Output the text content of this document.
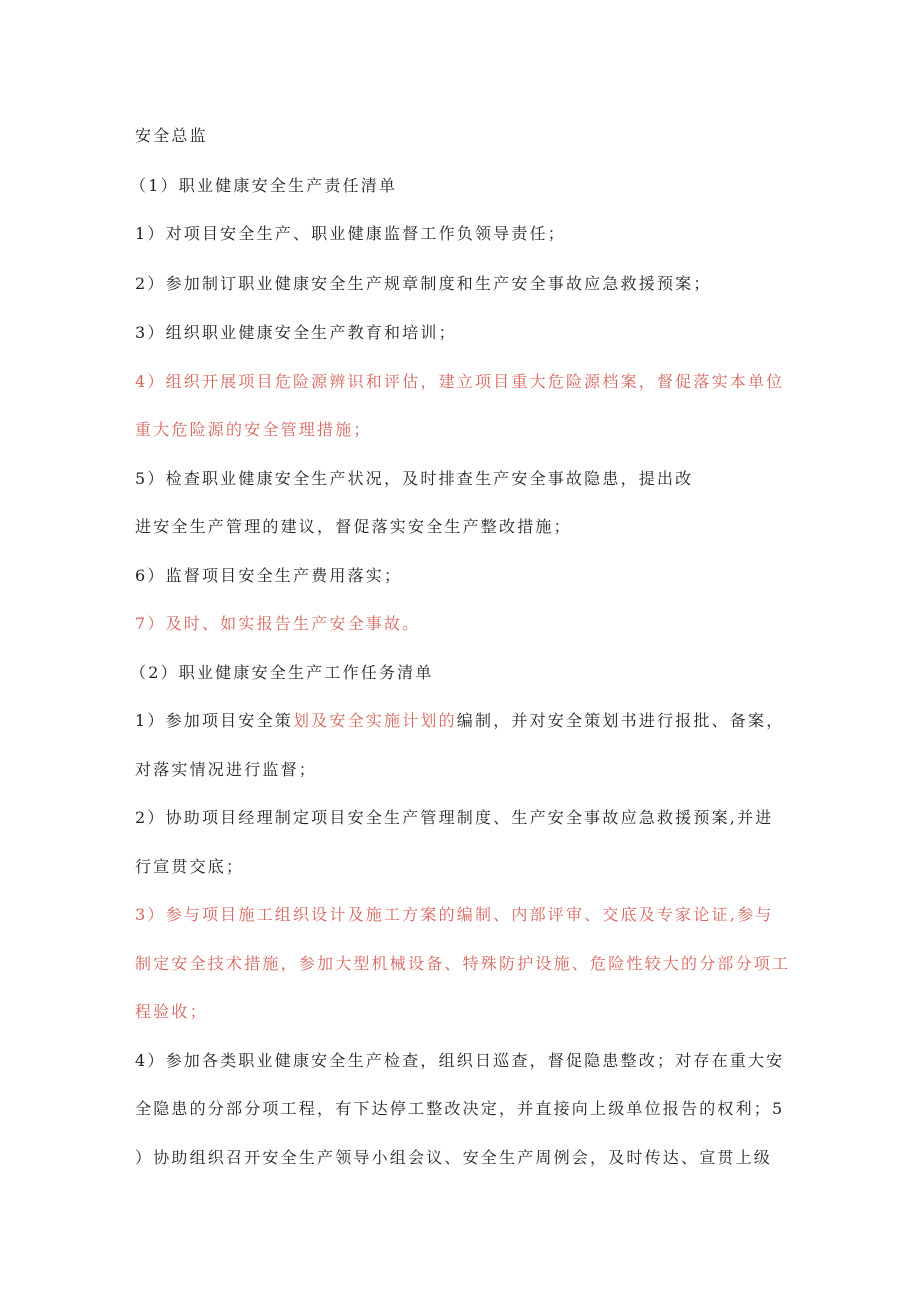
安全总监
（1）职业健康安全生产责任清单
1）对项目安全生产、职业健康监督工作负领导责任；
2）参加制订职业健康安全生产规章制度和生产安全事故应急救援预案；
3）组织职业健康安全生产教育和培训；
4）组织开展项目危险源辨识和评估，建立项目重大危险源档案，督促落实本单位
重大危险源的安全管理措施；
5）检查职业健康安全生产状况，及时排查生产安全事故隐患，提出改
进安全生产管理的建议，督促落实安全生产整改措施；
6）监督项目安全生产费用落实；
7）及时、如实报告生产安全事故。
（2）职业健康安全生产工作任务清单
1）参加项目安全策划及安全实施计划的编制，并对安全策划书进行报批、备案，
对落实情况进行监督；
2）协助项目经理制定项目安全生产管理制度、生产安全事故应急救援预案,并进
行宣贯交底；
3）参与项目施工组织设计及施工方案的编制、内部评审、交底及专家论证,参与
制定安全技术措施，参加大型机械设备、特殊防护设施、危险性较大的分部分项工
程验收；
4）参加各类职业健康安全生产检查，组织日巡查，督促隐患整改；对存在重大安
全隐患的分部分项工程，有下达停工整改决定，并直接向上级单位报告的权利；5
）协助组织召开安全生产领导小组会议、安全生产周例会，及时传达、宣贯上级
